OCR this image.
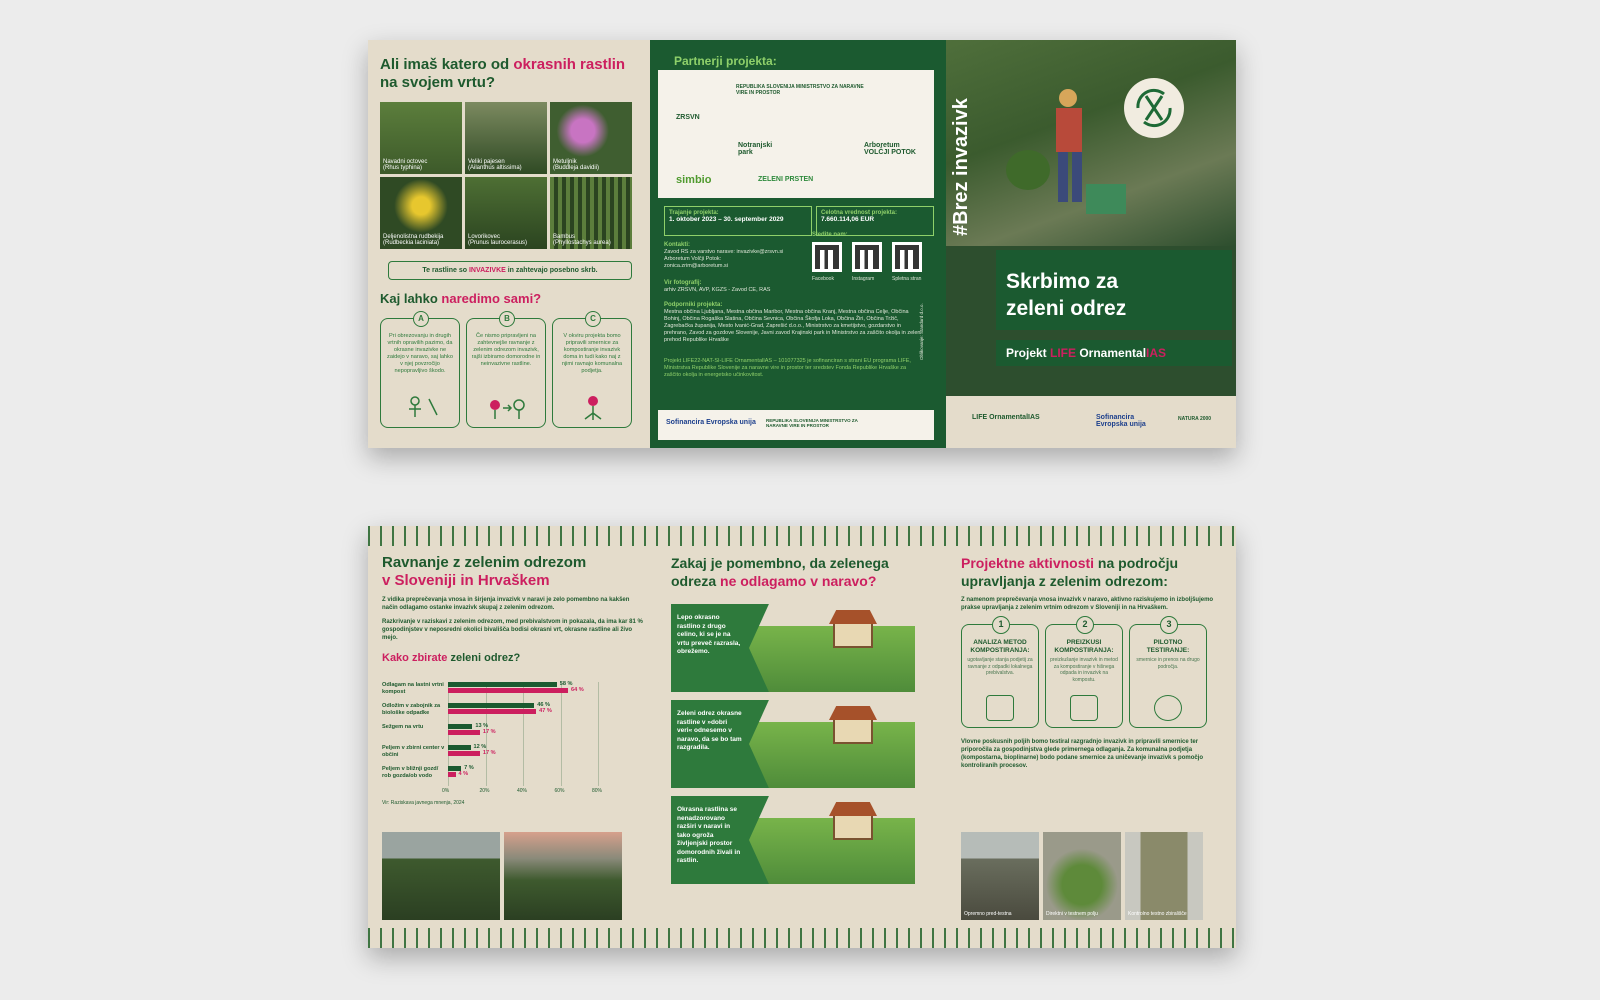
Ali imaš katero od okrasnih rastlin na svojem vrtu?
Navadni octovec
(Rhus typhina)
Veliki pajesen
(Ailanthus altissima)
Metuljnik
(Buddleja davidii)
Deljenolistna rudbekija
(Rudbeckia laciniata)
Lovorikovec
(Prunus laurocerasus)
Bambus
(Phyllostachys aurea)
Te rastline so INVAZIVKE in zahtevajo posebno skrb.
Kaj lahko naredimo sami?
A
Pri obrezovanju in drugih vrtnih opravilih pazimo, da okrasne invazivke ne zaidejo v naravo, saj lahko v njej povzročijo nepopravljivo škodo.
B
Če nismo pripravljeni na zahtevnejše ravnanje z zelenim odrezom invazivk, rajši izbiramo domorodne in neinvazivne rastline.
C
V okviru projekta bomo pripravili smernice za kompostiranje invazivk doma in tudi kako naj z njimi ravnajo komunalna podjetja.
Partnerji projekta:
ZRSVN
REPUBLIKA SLOVENIJA MINISTRSTVO ZA NARAVNE VIRE IN PROSTOR
Notranjski park
Arboretum VOLČJI POTOK
simbio	ZELENI PRSTEN
Trajanje projekta:
1. oktober 2023 – 30. september 2029
Celotna vrednost projekta:
7.660.114,06 EUR
Kontakti:
Zavod RS za varstvo narave: invazivke@zrsvn.si Arboretum Volčji Potok: zonica.zrim@arboretum.si
Sledite nam:
Facebook	Instagram	Spletna stran
Vir fotografij:
arhiv ZRSVN, AVP, KGZS - Zavod CE, RAS
Podporniki projekta:
Mestna občina Ljubljana, Mestna občina Maribor, Mestna občina Kranj, Mestna občina Celje, Občina Bohinj, Občina Rogaška Slatina, Občina Sevnica, Občina Škofja Loka, Občina Žiri, Občina Tržič, Zagrebačka županija, Mesto Ivanić-Grad, Zaprešić d.o.o., Ministrstvo za kmetijstvo, gozdarstvo in prehrano, Zavod za gozdove Slovenije, Javni zavod Krajinski park in Ministrstvo za zaščito okolja in zelen prehod Republike Hrvaške
Projekt LIFE22-NAT-SI-LIFE OrnamentalIAS – 101077325 je sofinanciran s strani EU programa LIFE, Ministrstva Republike Slovenije za naravne vire in prostor ter sredstev Fonda Republike Hrvaške za zaščito okolja in energetsko učinkovitost.
Oblikovanje: Standard d.o.o.
Sofinancira Evropska unija REPUBLIKA SLOVENIJA MINISTRSTVO ZA NARAVNE VIRE IN PROSTOR
#Brez invazivk
Skrbimo za
zeleni odrez
Projekt LIFE OrnamentalIAS
LIFE OrnamentalIAS	Sofinancira Evropska unija
NATURA 2000
Ravnanje z zelenim odrezom
v Sloveniji in Hrvaškem
Z vidika preprečevanja vnosa in širjenja invazivk v naravi je zelo pomembno na kakšen način odlagamo ostanke invazivk skupaj z zelenim odrezom.
Razkrivanje v raziskavi z zelenim odrezom, med prebivalstvom in pokazala, da ima kar 81 % gospodinjstev v neposredni okolici bivališča bodisi okrasni vrt, okrasne rastline ali živo mejo.
Kako zbirate zeleni odrez?
0%	20%	40%	60%	80%
Odlagam na lastni vrtni kompost
58 %
64 %
Odložim v zabojnik za biološke odpadke
46 %
47 %
Sežgem na vrtu	13 %
17 %
Peljem v zbirni center v občini
12 %
17 %
Peljem v bližnji gozd/ rob gozda/ob vodo
7 %
4 %
Vir: Raziskava javnega mnenja, 2024
Zakaj je pomembno, da zelenega odreza ne odlagamo v naravo?
Lepo okrasno rastlino z drugo celino, ki se je na vrtu preveč razrasla, obrežemo.
Zeleni odrez okrasne rastline v »dobri veri« odnesemo v naravo, da se bo tam razgradila.
Okrasna rastlina se nenadzorovano razširi v naravi in tako ogroža življenjski prostor domorodnih živali in rastlin.
Projektne aktivnosti na področju upravljanja z zelenim odrezom:
Z namenom preprečevanja vnosa invazivk v naravo, aktivno raziskujemo in izboljšujemo prakse upravljanja z zelenim vrtnim odrezom v Sloveniji in na Hrvaškem.
1
ANALIZA METOD KOMPOSTIRANJA:
ugotavljanje stanja podjetij za ravnanje z odpadki lokalnega prebivalstva.
2
PREIZKUSI KOMPOSTIRANJA:
preizkušanje invazivk in metod za kompostiranje v hišnega odpada in invazivk na kompostu.
3
PILOTNO TESTIRANJE:
smernice in prenos na drugo področja.
Vlovne poskusnih poljih bomo testiral razgradnjo invazivk in pripravili smernice ter priporočila za gospodinjstva glede primernega odlaganja. Za komunalna podjetja (kompostarna, bioplinarne) bodo podane smernice za uničevanje invazivk s pomočjo kontroliranih procesov.
Opremno pred-testna	Direktni v testnem polju	Kontrolno testno zbirališče
